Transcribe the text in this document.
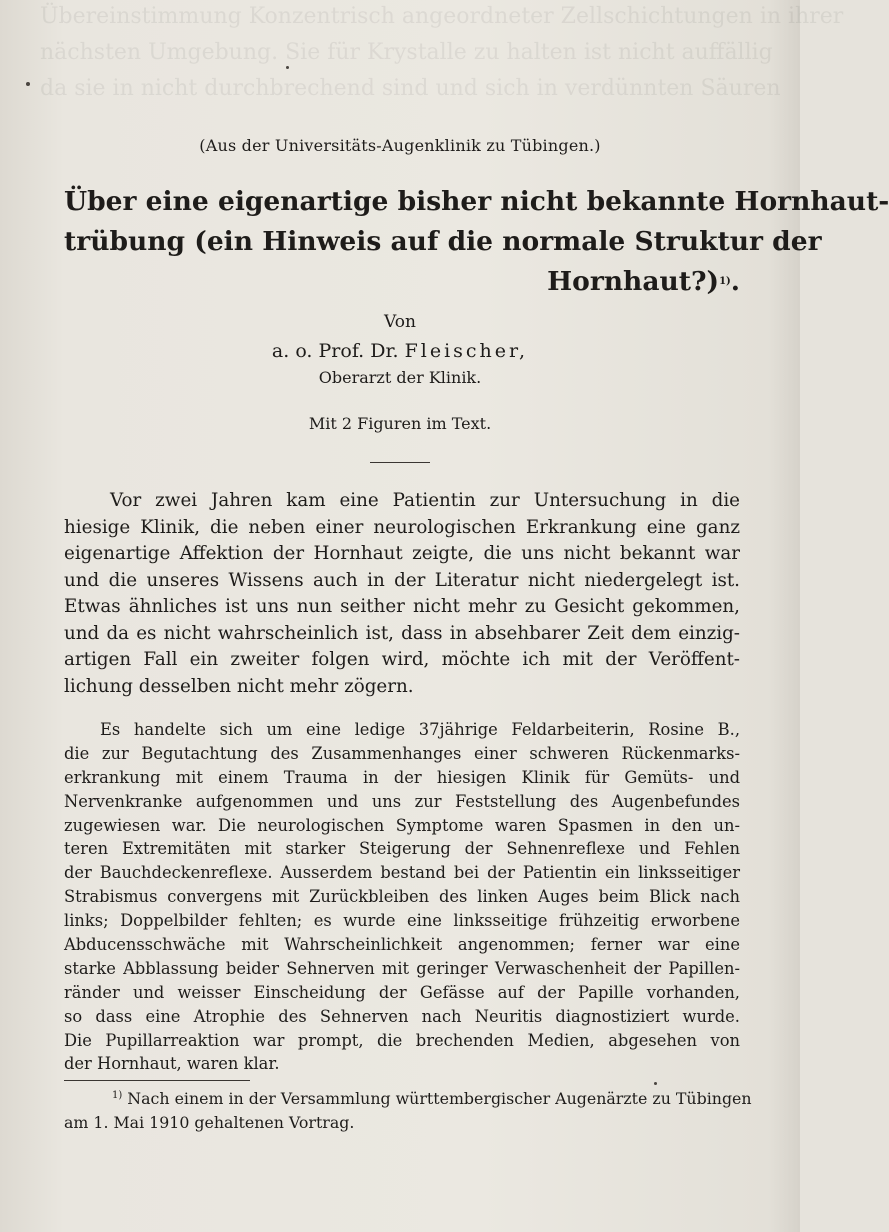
Übereinstimmung Konzentrisch angeordneter Zellschichtungen in ihrer
nächsten Umgebung. Sie für Krystalle zu halten ist nicht auffällig
da sie in nicht durchbrechend sind und sich in verdünnten Säuren
(Aus der Universitäts-Augenklinik zu Tübingen.)
Über eine eigenartige bisher nicht bekannte Hornhaut-
trübung (ein Hinweis auf die normale Struktur der
Hornhaut?)$^{1)}$.
Von
a. o. Prof. Dr. Fleischer,
Oberarzt der Klinik.
Mit 2 Figuren im Text.
Vor zwei Jahren kam eine Patientin zur Untersuchung in die
hiesige Klinik, die neben einer neurologischen Erkrankung eine ganz
eigenartige Affektion der Hornhaut zeigte, die uns nicht bekannt war
und die unseres Wissens auch in der Literatur nicht niedergelegt ist.
Etwas ähnliches ist uns nun seither nicht mehr zu Gesicht gekommen,
und da es nicht wahrscheinlich ist, dass in absehbarer Zeit dem einzig-
artigen Fall ein zweiter folgen wird, möchte ich mit der Veröffent-
lichung desselben nicht mehr zögern.
Es handelte sich um eine ledige 37jährige Feldarbeiterin, Rosine B.,
die zur Begutachtung des Zusammenhanges einer schweren Rückenmarks-
erkrankung mit einem Trauma in der hiesigen Klinik für Gemüts- und
Nervenkranke aufgenommen und uns zur Feststellung des Augenbefundes
zugewiesen war. Die neurologischen Symptome waren Spasmen in den un-
teren Extremitäten mit starker Steigerung der Sehnenreflexe und Fehlen
der Bauchdeckenreflexe. Ausserdem bestand bei der Patientin ein linksseitiger
Strabismus convergens mit Zurückbleiben des linken Auges beim Blick nach
links; Doppelbilder fehlten; es wurde eine linksseitige frühzeitig erworbene
Abducensschwäche mit Wahrscheinlichkeit angenommen; ferner war eine
starke Abblassung beider Sehnerven mit geringer Verwaschenheit der Papillen-
ränder und weisser Einscheidung der Gefässe auf der Papille vorhanden,
so dass eine Atrophie des Sehnerven nach Neuritis diagnostiziert wurde.
Die Pupillarreaktion war prompt, die brechenden Medien, abgesehen von
der Hornhaut, waren klar.
$^{1)}$ Nach einem in der Versammlung württembergischer Augenärzte zu Tübingen
am 1. Mai 1910 gehaltenen Vortrag.
